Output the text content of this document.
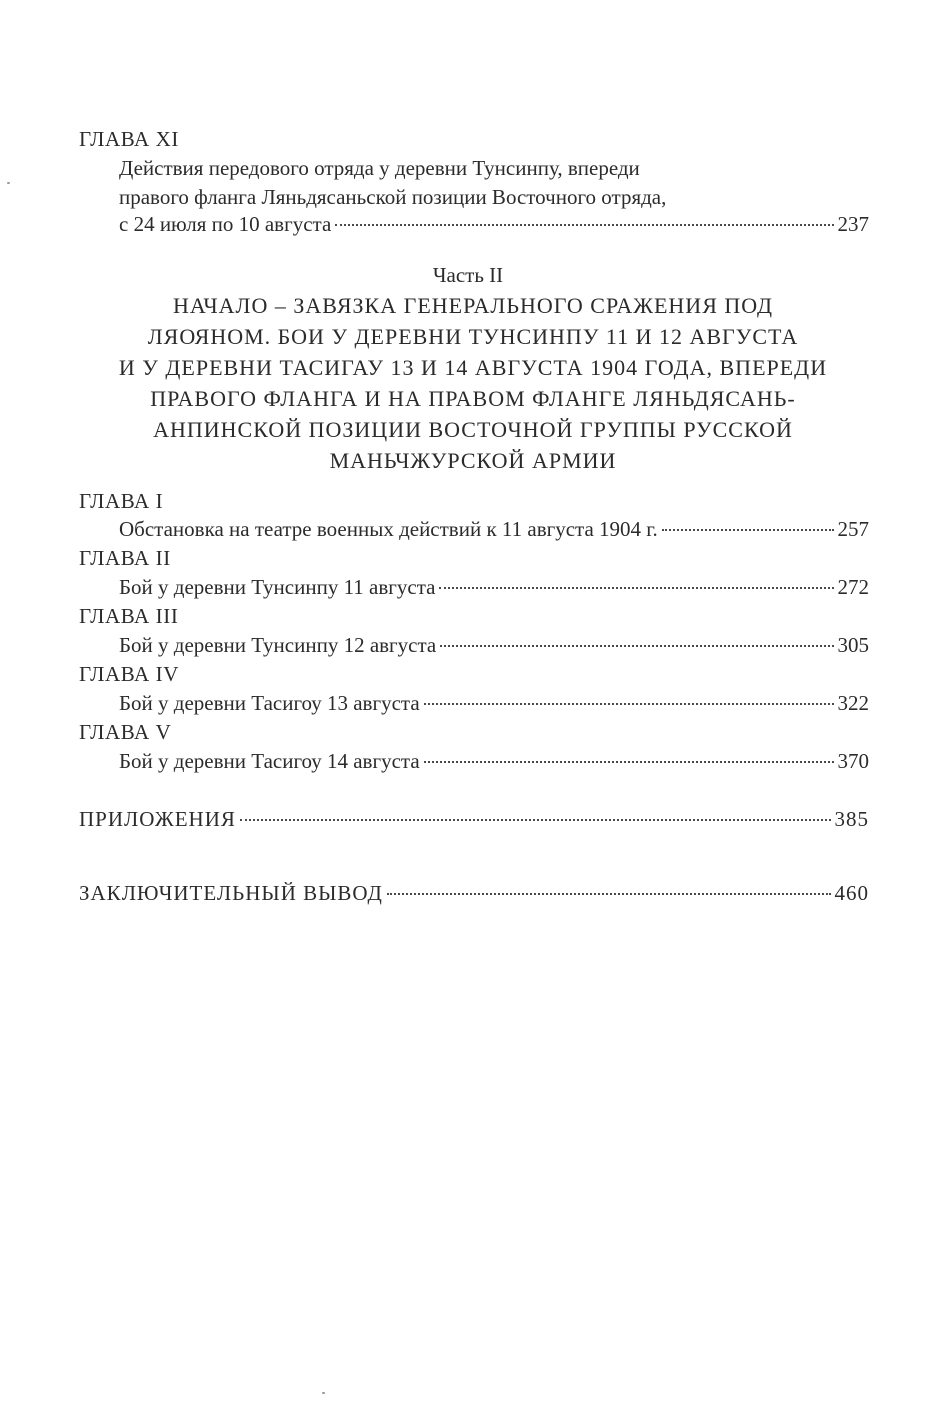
ГЛАВА XI
Действия передового отряда у деревни Тунсинпу, впереди
правого фланга Ляньдясаньской позиции Восточного отряда,
с 24 июля по 10 августа	237
Часть II
НАЧАЛО – ЗАВЯЗКА ГЕНЕРАЛЬНОГО СРАЖЕНИЯ ПОД
ЛЯОЯНОМ. БОИ У ДЕРЕВНИ ТУНСИНПУ 11 И 12 АВГУСТА
И У ДЕРЕВНИ ТАСИГАУ 13 И 14 АВГУСТА 1904 ГОДА, ВПЕРЕДИ
ПРАВОГО ФЛАНГА И НА ПРАВОМ ФЛАНГЕ ЛЯНЬДЯСАНЬ-
АНПИНСКОЙ ПОЗИЦИИ ВОСТОЧНОЙ ГРУППЫ РУССКОЙ
МАНЬЧЖУРСКОЙ АРМИИ
ГЛАВА I
Обстановка на театре военных действий к 11 августа 1904 г.	257
ГЛАВА II
Бой у деревни Тунсинпу 11 августа	272
ГЛАВА III
Бой у деревни Тунсинпу 12 августа	305
ГЛАВА IV
Бой у деревни Тасигоу 13 августа	322
ГЛАВА V
Бой у деревни Тасигоу 14 августа	370
ПРИЛОЖЕНИЯ	385
ЗАКЛЮЧИТЕЛЬНЫЙ ВЫВОД	460
